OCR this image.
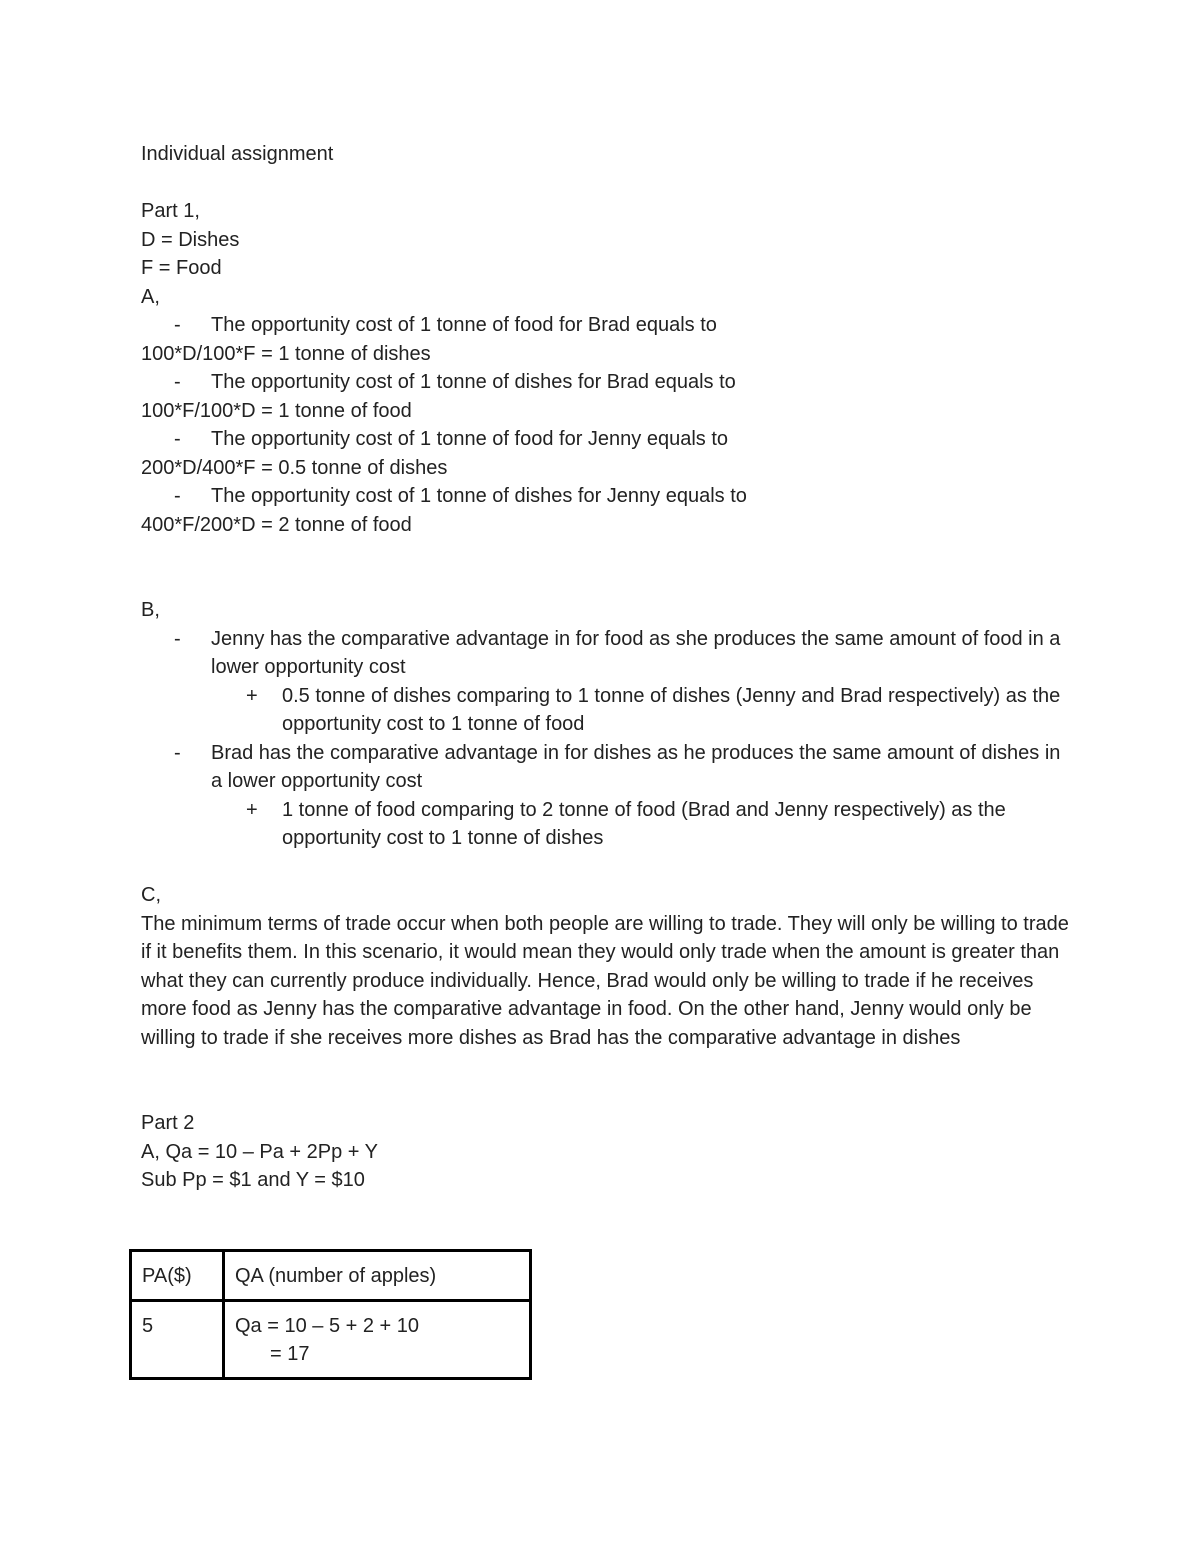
Individual assignment
Part 1,
D = Dishes
F = Food
A,
- The opportunity cost of 1 tonne of food for Brad equals to
100*D/100*F = 1 tonne of dishes
- The opportunity cost of 1 tonne of dishes for Brad equals to
100*F/100*D = 1 tonne of food
- The opportunity cost of 1 tonne of food for Jenny equals to
200*D/400*F = 0.5 tonne of dishes
- The opportunity cost of 1 tonne of dishes for Jenny equals to
400*F/200*D = 2 tonne of food
B,
- Jenny has the comparative advantage in for food as she produces the same amount of food in a lower opportunity cost
+ 0.5 tonne of dishes comparing to 1 tonne of dishes (Jenny and Brad respectively) as the opportunity cost to 1 tonne of food
- Brad has the comparative advantage in for dishes as he produces the same amount of dishes in a lower opportunity cost
+ 1 tonne of food comparing to 2 tonne of food (Brad and Jenny respectively) as the opportunity cost to 1 tonne of dishes
C,
The minimum terms of trade occur when both people are willing to trade. They will only be willing to trade if it benefits them. In this scenario, it would mean they would only trade when the amount is greater than what they can currently produce individually. Hence, Brad would only be willing to trade if he receives more food as Jenny has the comparative advantage in food. On the other hand, Jenny would only be willing to trade if she receives more dishes as Brad has the comparative advantage in dishes
Part 2
A, Qa = 10 – Pa + 2Pp + Y
Sub Pp = $1 and Y = $10
PA($)	QA (number of apples)
5	Qa = 10 – 5 + 2 + 10
= 17
